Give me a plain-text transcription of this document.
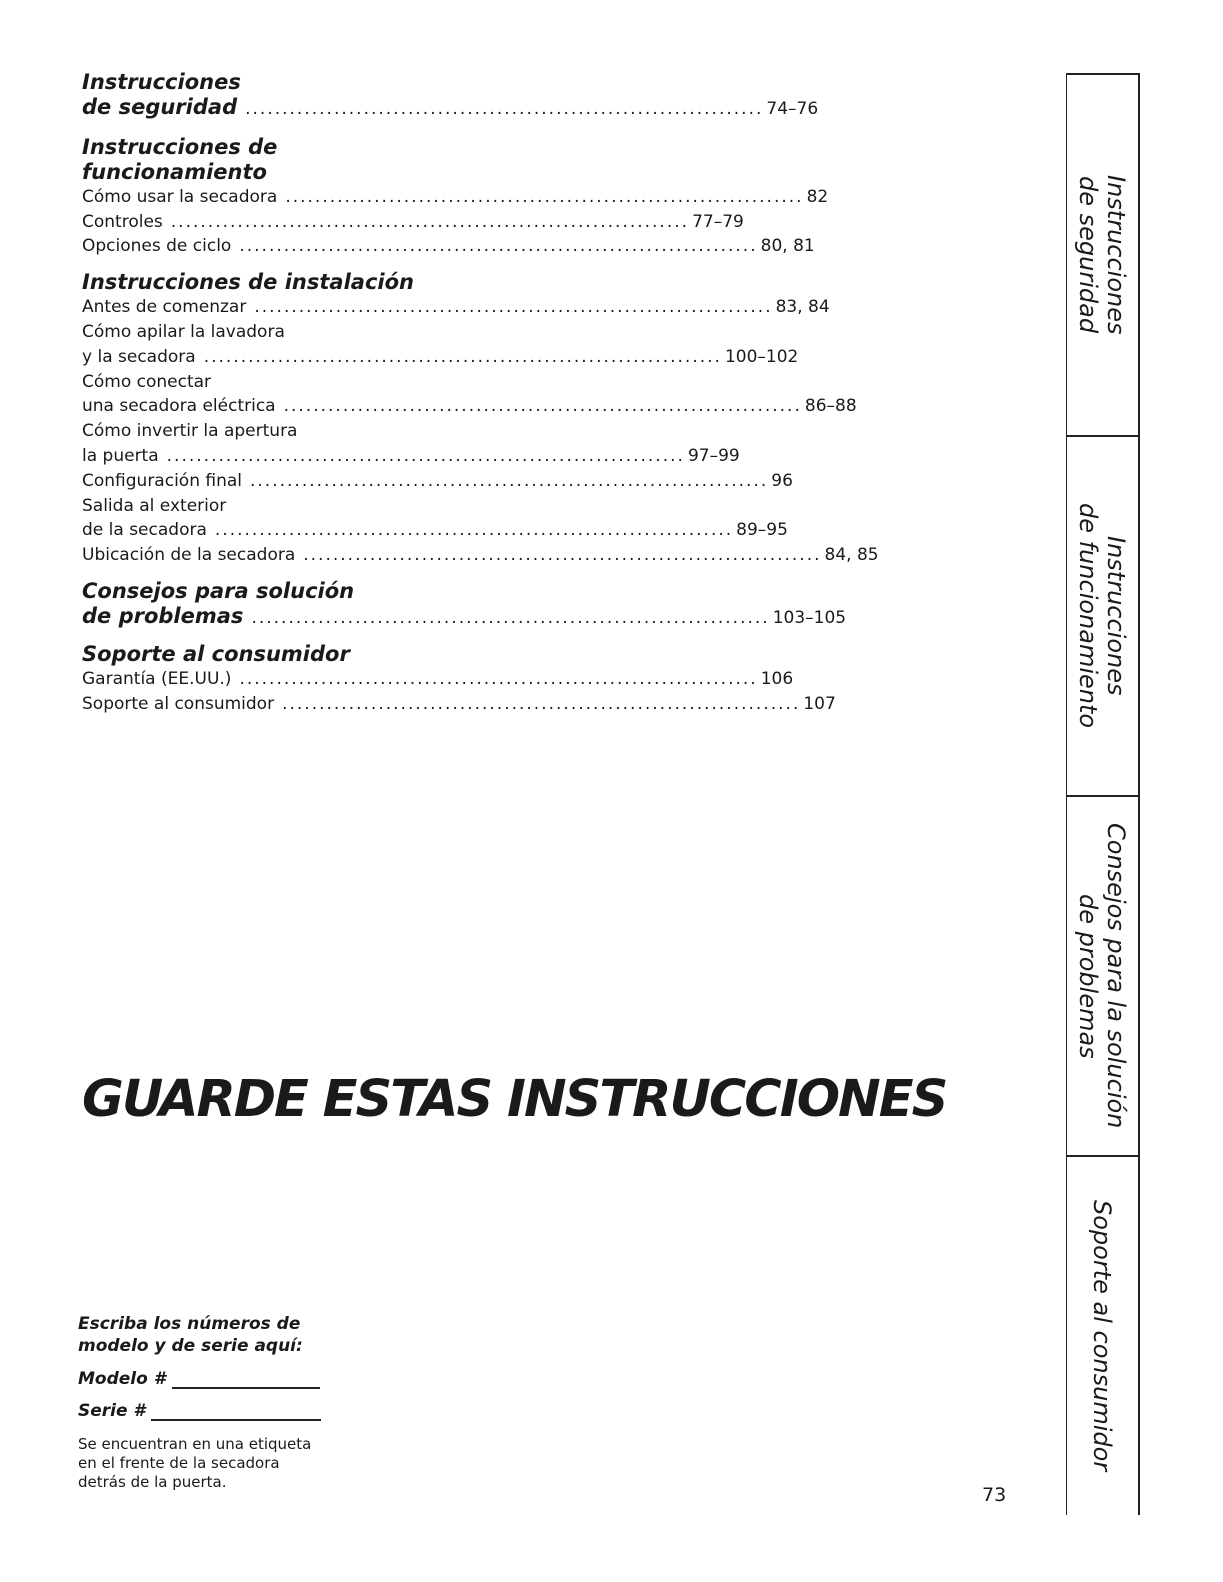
Instrucciones
de seguridad ...................................................................... 74–76
Instrucciones de funcionamiento
Cómo usar la secadora ...................................................................... 82
Controles ...................................................................... 77–79
Opciones de ciclo ...................................................................... 80, 81
Instrucciones de instalación
Antes de comenzar ...................................................................... 83, 84
Cómo apilar la lavadora
y la secadora ...................................................................... 100–102
Cómo conectar
una secadora eléctrica ...................................................................... 86–88
Cómo invertir la apertura
la puerta ...................................................................... 97–99
Configuración final ...................................................................... 96
Salida al exterior
de la secadora ...................................................................... 89–95
Ubicación de la secadora ...................................................................... 84, 85
Consejos para solución
de problemas ...................................................................... 103–105
Soporte al consumidor
Garantía (EE.UU.) ...................................................................... 106
Soporte al consumidor ...................................................................... 107
Instrucciones
de seguridad
Instrucciones
de funcionamiento
Consejos para la solución
de problemas
Soporte al consumidor
GUARDE ESTAS INSTRUCCIONES
Escriba los números de
modelo y de serie aquí:
Modelo #
Serie #
Se encuentran en una etiqueta
en el frente de la secadora
detrás de la puerta.
73
